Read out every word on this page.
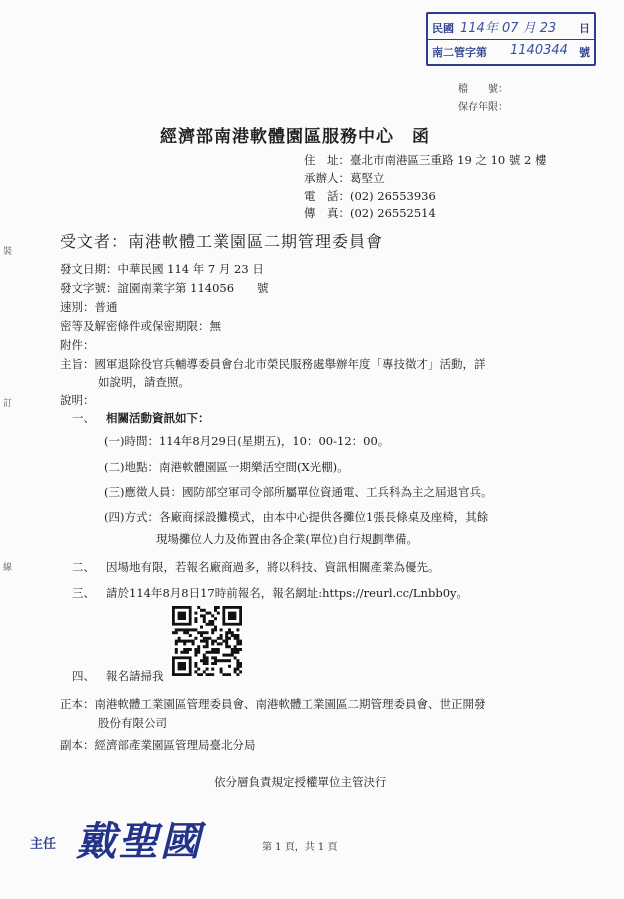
民國 114年 07 月 23 日
南二管字第 1140344 號
檔　　號：
保存年限：
經濟部南港軟體園區服務中心　函
住　址：臺北市南港區三重路 19 之 10 號 2 樓
承辦人：葛堅立
電　話：(02) 26553936
傳　真：(02) 26552514
受文者：南港軟體工業園區二期管理委員會
裝
訂
線
發文日期：中華民國 114 年 7 月 23 日
發文字號：誼園南業字第 114056　　號
速別：普通
密等及解密條件或保密期限：無
附件：
主旨：國軍退除役官兵輔導委員會台北市榮民服務處舉辦年度「專技徵才」活動，詳
如說明，請查照。
說明：
一、 相關活動資訊如下：
(一)時間：114年8月29日(星期五)，10：00-12：00。
(二)地點：南港軟體園區一期樂活空間(X光棚)。
(三)應徵人員：國防部空軍司令部所屬單位資通電、工兵科為主之屆退官兵。
(四)方式：各廠商採設攤模式，由本中心提供各攤位1張長條桌及座椅，其餘
現場攤位人力及佈置由各企業(單位)自行規劃準備。
二、 因場地有限，若報名廠商過多，將以科技、資訊相關產業為優先。
三、 請於114年8月8日17時前報名，報名網址:https://reurl.cc/Lnbb0y。
四、 報名請掃我
正本：南港軟體工業園區管理委員會、南港軟體工業園區二期管理委員會、世正開發
股份有限公司
副本：經濟部產業園區管理局臺北分局
依分層負責規定授權單位主管決行
主任 戴聖國	第 1 頁，共 1 頁
